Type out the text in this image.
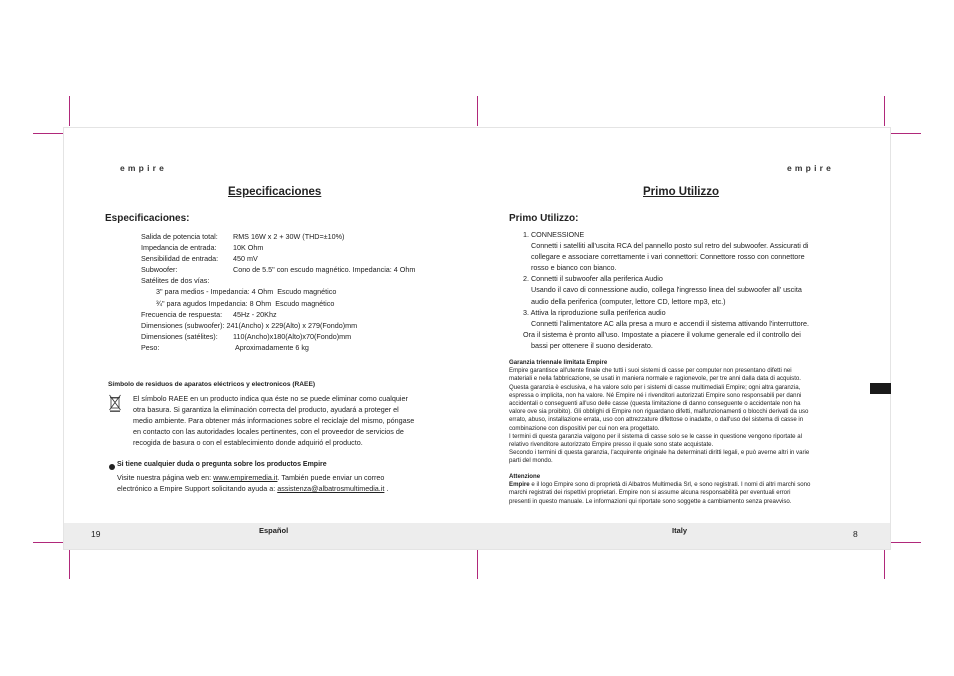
19	Español
empire
Especificaciones
Especificaciones:
Salida de potencia total: RMS 16W x 2 + 30W (THD=±10%)
Impedancia de entrada: 10K Ohm
Sensibilidad de entrada: 450 mV
Subwoofer:	Cono de 5.5" con escudo magnético. Impedancia: 4 Ohm
Satélites de dos vías:
3" para medios - Impedancia: 4 Ohm Escudo magnético
¾" para agudos Impedancia: 8 Ohm Escudo magnético
Frecuencia de respuesta: 45Hz - 20Khz
Dimensiones (subwoofer): 241(Ancho) x 229(Alto) x 279(Fondo)mm
Dimensiones (satélites): 110(Ancho)x180(Alto)x70(Fondo)mm
Peso:	Aproximadamente 6 kg
Símbolo de residuos de aparatos eléctricos y electronicos (RAEE)
El símbolo RAEE en un producto indica qua éste no se puede eliminar como cualquier
otra basura. Si garantiza la eliminación correcta del producto, ayudará a proteger el
medio ambiente. Para obtener más informaciones sobre el reciclaje del mismo, póngase
en contacto con las autoridades locales pertinentes, con el proveedor de servicios de
recogida de basura o con el establecimiento donde adquirió el producto.
Si tiene cualquier duda o pregunta sobre los productos Empire
Visite nuestra página web en: www.empiremedia.it. También puede enviar un correo
electrónico a Empire Support solicitando ayuda a: assistenza@albatrosmultimedia.it .
Italy	8
empire
Primo Utilizzo
Primo Utilizzo:
1. CONNESSIONE
Connetti i satelliti all'uscita RCA del pannello posto sul retro del subwoofer. Assicurati di
collegare e associare correttamente i vari connettori: Connettore rosso con connettore
rosso e bianco con bianco.
2. Connetti il subwoofer alla periferica Audio
Usando il cavo di connessione audio, collega l'ingresso linea del subwoofer all' uscita
audio della periferica (computer, lettore CD, lettore mp3, etc.)
3. Attiva la riproduzione sulla periferica audio
Connetti l'alimentatore AC alla presa a muro e accendi il sistema attivando l'interruttore.
Ora il sistema è pronto all'uso. Impostate a piacere il volume generale ed il controllo dei
bassi per ottenere il suono desiderato.
Garanzia triennale limitata Empire
Empire garantisce all'utente finale che tutti i suoi sistemi di casse per computer non presentano difetti nei
materiali e nella fabbricazione, se usati in maniera normale e ragionevole, per tre anni dalla data di acquisto.
Questa garanzia è esclusiva, e ha valore solo per i sistemi di casse multimediali Empire; ogni altra garanzia,
espressa o implicita, non ha valore. Né Empire né i rivenditori autorizzati Empire sono responsabili per danni
accidentali o conseguenti all'uso delle casse (questa limitazione di danno conseguente o accidentale non ha
valore ove sia proibito). Gli obblighi di Empire non riguardano difetti, malfunzionamenti o blocchi derivati da uso
errato, abuso, installazione errata, uso con attrezzature difettose o inadatte, o dall'uso del sistema di casse in
combinazione con dispositivi per cui non era progettato.
I termini di questa garanzia valgono per il sistema di casse solo se le casse in questione vengono riportate al
relativo rivenditore autorizzato Empire presso il quale sono state acquistate.
Secondo i termini di questa garanzia, l'acquirente originale ha determinati diritti legali, e può averne altri in varie
parti del mondo.
Attenzione
Empire e il logo Empire sono di proprietà di Albatros Multimedia Srl, e sono registrati. I nomi di altri marchi sono
marchi registrati dei rispettivi proprietari. Empire non si assume alcuna responsabilità per eventuali errori
presenti in questo manuale. Le informazioni qui riportate sono soggette a cambiamento senza preavviso.
